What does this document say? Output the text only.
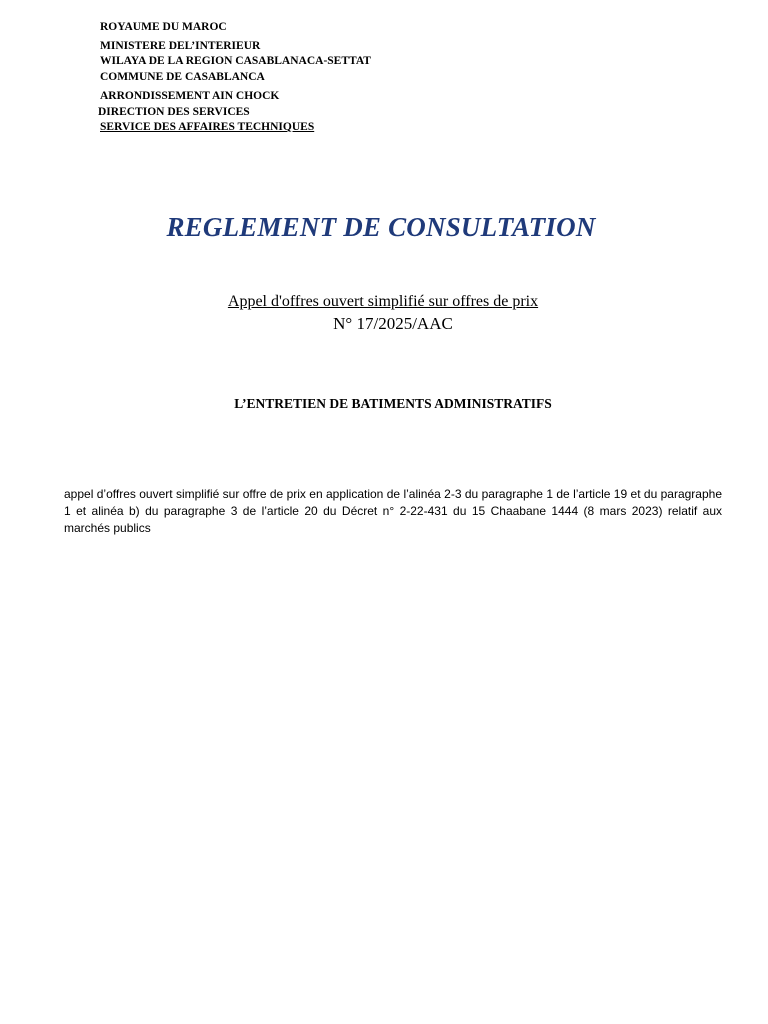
ROYAUME DU MAROC
MINISTERE DEL’INTERIEUR
WILAYA DE LA REGION CASABLANACA-SETTAT
COMMUNE DE CASABLANCA
ARRONDISSEMENT AIN CHOCK
DIRECTION DES SERVICES
SERVICE DES AFFAIRES TECHNIQUES
REGLEMENT DE CONSULTATION
Appel d'offres ouvert simplifié sur offres de prix
N° 17/2025/AAC
L’ENTRETIEN DE BATIMENTS ADMINISTRATIFS

appel d’offres ouvert simplifié sur offre de prix en application de l’alinéa 2-3 du paragraphe 1 de l’article 19 et du paragraphe 1 et alinéa b) du paragraphe 3 de l’article 20 du Décret n° 2-22-431 du 15 Chaabane 1444 (8 mars 2023) relatif aux marchés publics
